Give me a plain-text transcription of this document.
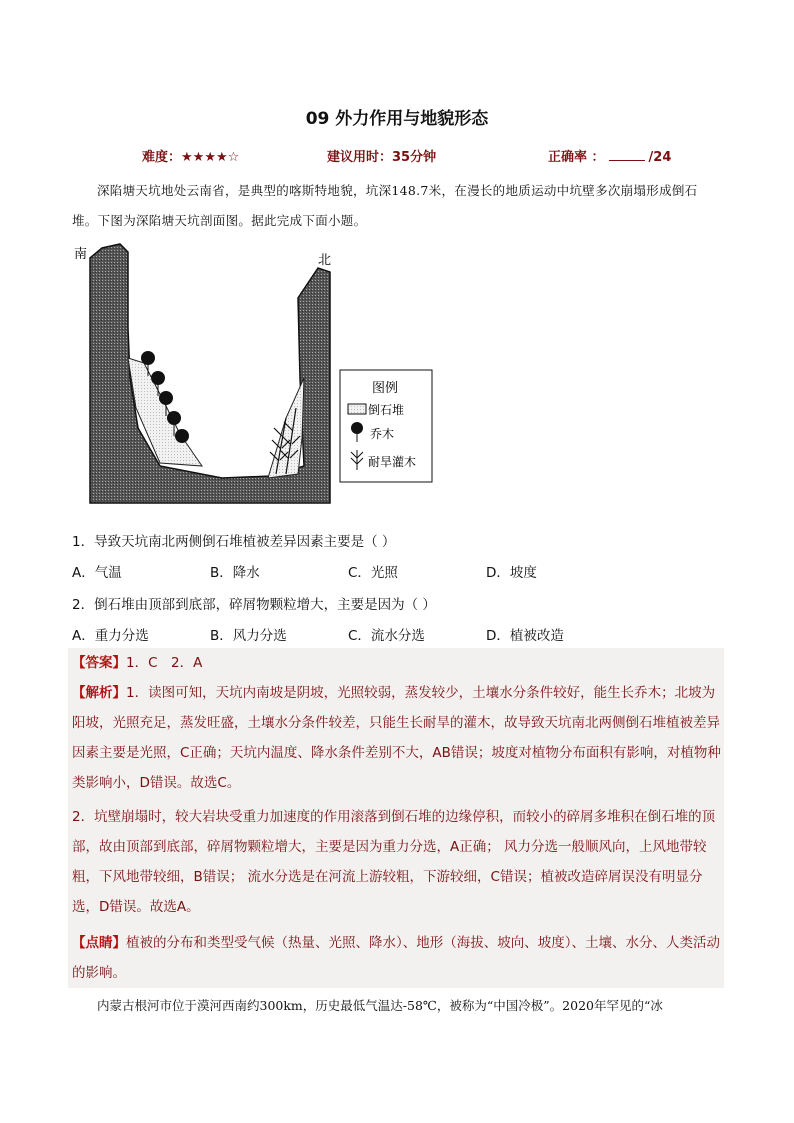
09 外力作用与地貌形态
难度：★★★★☆	建议用时：35分钟	正确率 ：	/24
深陷塘天坑地处云南省，是典型的喀斯特地貌，坑深148.7米，在漫长的地质运动中坑壁多次崩塌形成倒石堆。下图为深陷塘天坑剖面图。据此完成下面小题。
南	北
图例
倒石堆
乔木
耐旱灌木
1．导致天坑南北两侧倒石堆植被差异因素主要是（ ）
A．气温	B．降水	C．光照	D．坡度
2．倒石堆由顶部到底部，碎屑物颗粒增大，主要是因为（ ）
A．重力分选	B．风力分选	C．流水分选	D．植被改造
【答案】1．C　2．A
【解析】1．读图可知，天坑内南坡是阴坡，光照较弱，蒸发较少，土壤水分条件较好，能生长乔木；北坡为阳坡，光照充足，蒸发旺盛，土壤水分条件较差，只能生长耐旱的灌木，故导致天坑南北两侧倒石堆植被差异因素主要是光照，C正确；天坑内温度、降水条件差别不大，AB错误；坡度对植物分布面积有影响，对植物种类影响小，D错误。故选C。
2．坑壁崩塌时，较大岩块受重力加速度的作用滚落到倒石堆的边缘停积，而较小的碎屑多堆积在倒石堆的顶部，故由顶部到底部，碎屑物颗粒增大，主要是因为重力分选，A正确； 风力分选一般顺风向，上风地带较粗，下风地带较细，B错误； 流水分选是在河流上游较粗，下游较细，C错误；植被改造碎屑误没有明显分选，D错误。故选A。
【点睛】植被的分布和类型受气候（热量、光照、降水）、地形（海拔、坡向、坡度）、土壤、水分、人类活动的影响。
内蒙古根河市位于漠河西南约300km，历史最低气温达-58℃，被称为“中国冷极”。2020年罕见的“冰
